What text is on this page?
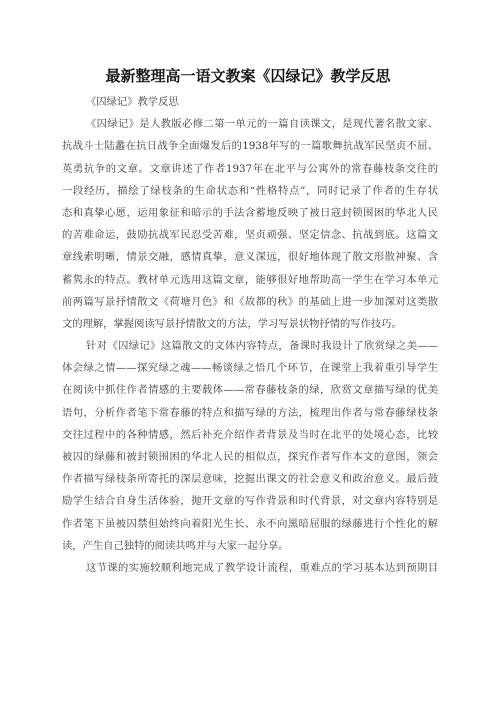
最新整理高一语文教案《囚绿记》教学反思
《囚绿记》教学反思
《囚绿记》是人教版必修二第一单元的一篇自读课文，是现代著名散文家、
抗战斗士陆蠡在抗日战争全面爆发后的1938年写的一篇歌舞抗战军民坚贞不屈、
英勇抗争的文章。文章讲述了作者1937年在北平与公寓外的常春藤枝条交往的
一段经历，描绘了绿枝条的生命状态和“性格特点”，同时记录了作者的生存状
态和真挚心愿，运用象征和暗示的手法含蓄地反映了被日寇封锁围困的华北人民
的苦难命运，鼓励抗战军民忍受苦难，坚贞顽强、坚定信念、抗战到底。这篇文
章线索明晰，情景交融，感情真挚，意义深远，很好地体现了散文形散神聚、含
蓄隽永的特点。教材单元选用这篇文章，能够很好地帮助高一学生在学习本单元
前两篇写景抒情散文《荷塘月色》和《故都的秋》的基础上进一步加深对这类散
文的理解，掌握阅读写景抒情散文的方法，学习写景状物抒情的写作技巧。
针对《囚绿记》这篇散文的文体内容特点，备课时我设计了欣赏绿之美——
体会绿之情——探究绿之魂——畅谈绿之悟几个环节，在课堂上我着重引导学生
在阅读中抓住作者情感的主要载体——常春藤枝条的绿，欣赏文章描写绿的优美
语句，分析作者笔下常春藤的特点和描写绿的方法，梳理出作者与常春藤绿枝条
交往过程中的各种情感，然后补充介绍作者背景及当时在北平的处境心态，比较
被囚的绿藤和被封锁围困的华北人民的相似点，探究作者写作本文的意图，领会
作者描写绿枝条所寄托的深层意味，挖掘出课文的社会意义和政治意义。最后鼓
励学生结合自身生活体验，抛开文章的写作背景和时代背景，对文章内容特别是
作者笔下虽被囚禁但始终向着阳光生长、永不向黑暗屈服的绿藤进行个性化的解
读，产生自己独特的阅读共鸣并与大家一起分享。
这节课的实施较顺利地完成了教学设计流程，重难点的学习基本达到预期目
